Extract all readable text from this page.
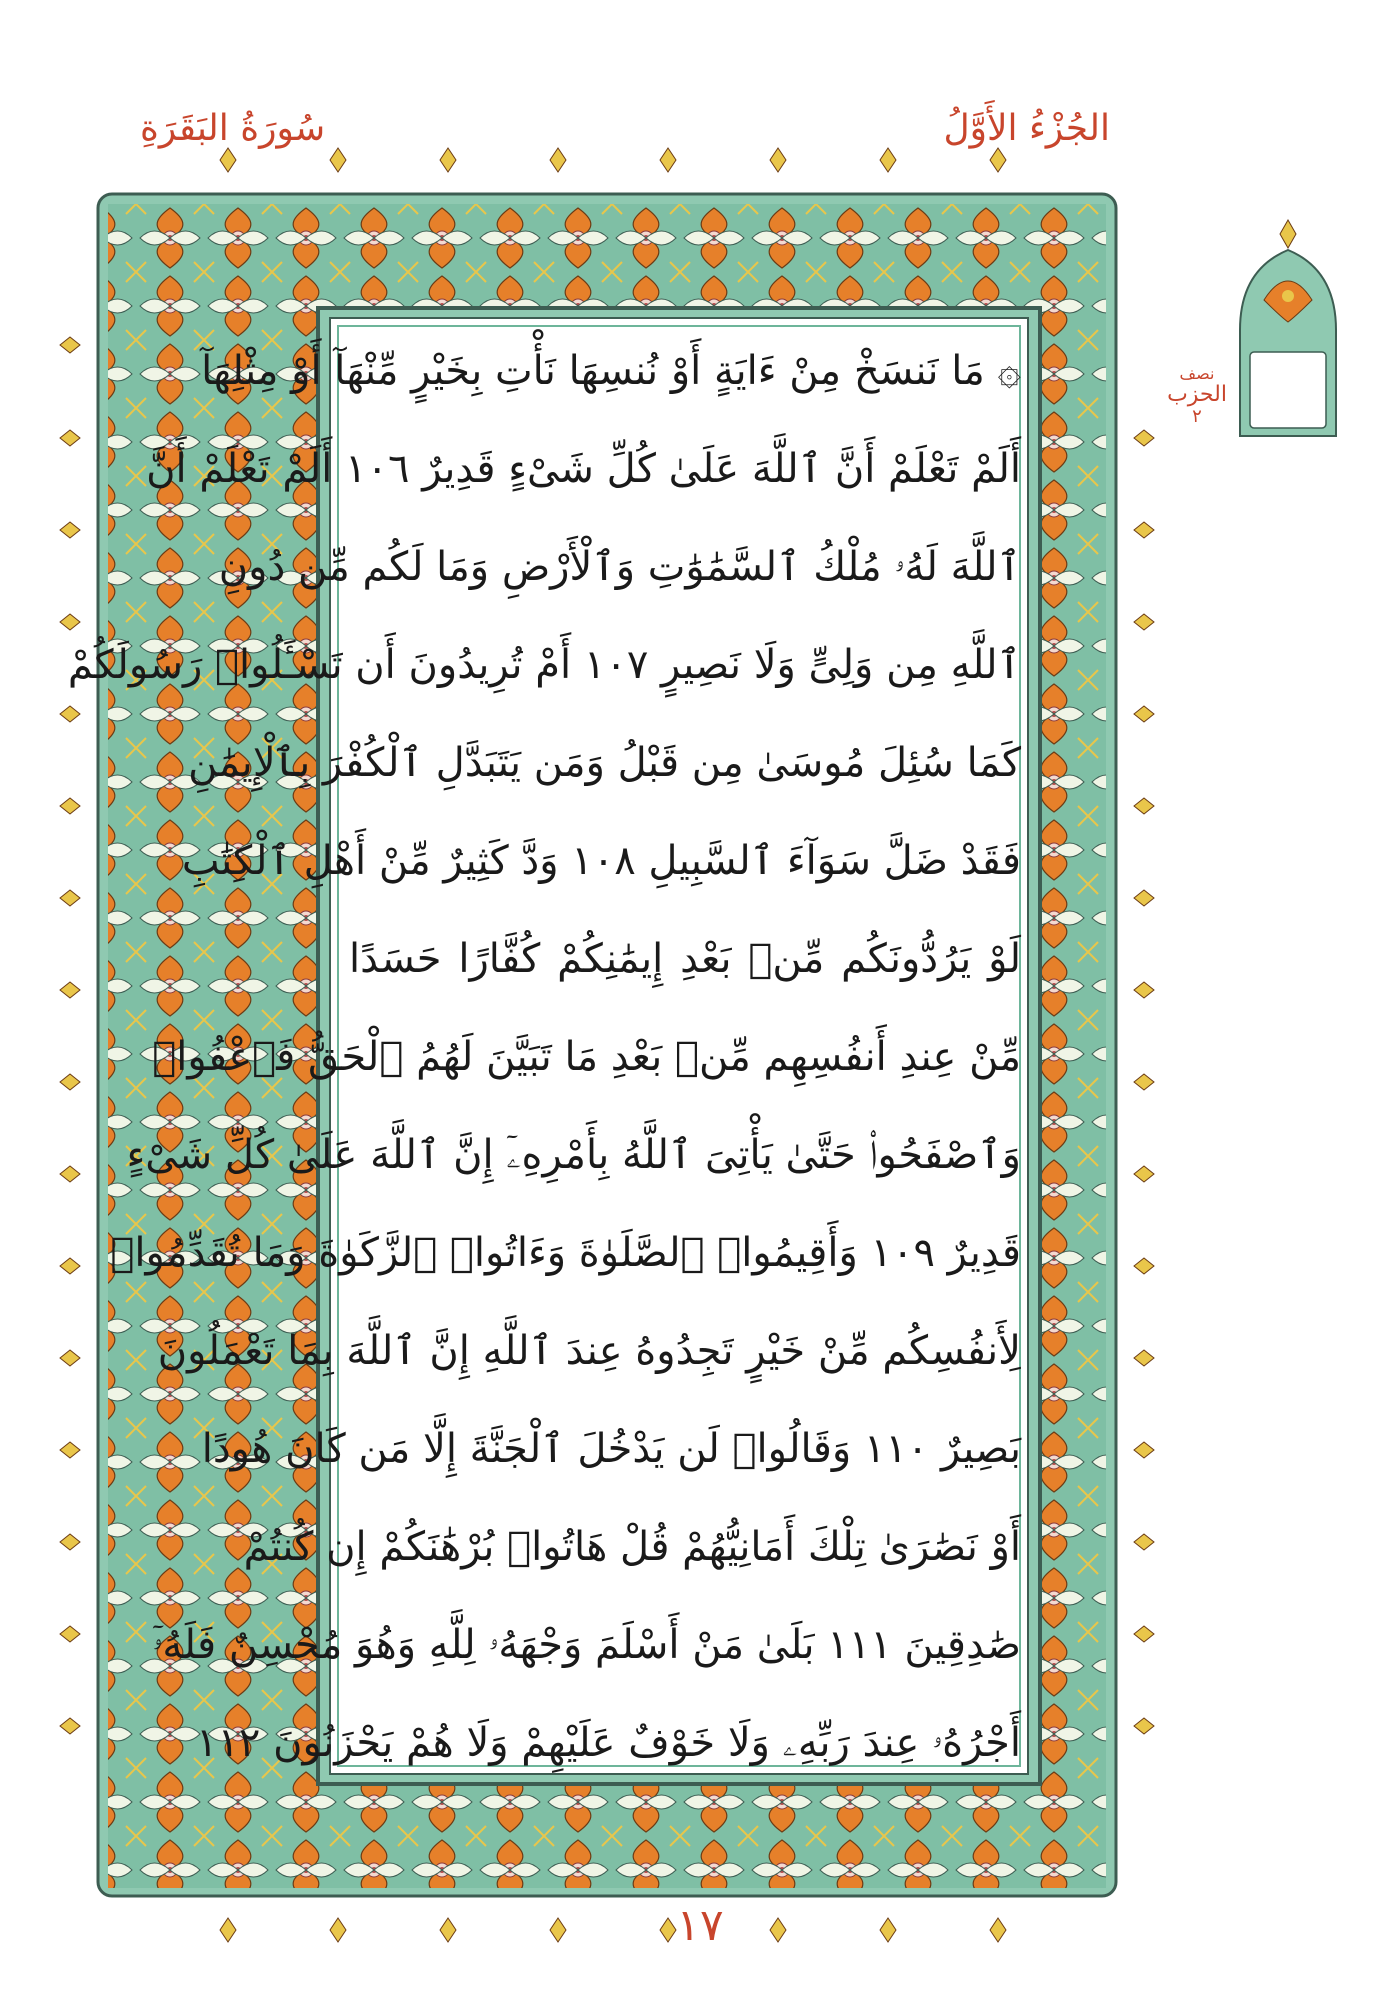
سُورَةُ البَقَرَةِ	الجُزْءُ الأَوَّلُ
نصف
الحزب
٢
۞ مَا نَنسَخْ مِنْ ءَايَةٍ أَوْ نُنسِهَا نَأْتِ بِخَيْرٍ مِّنْهَآ أَوْ مِثْلِهَآ
أَلَمْ تَعْلَمْ أَنَّ ٱللَّهَ عَلَىٰ كُلِّ شَىْءٍ قَدِيرٌ ١٠٦ أَلَمْ تَعْلَمْ أَنَّ
ٱللَّهَ لَهُۥ مُلْكُ ٱلسَّمَٰوَٰتِ وَٱلْأَرْضِ وَمَا لَكُم مِّن دُونِ
ٱللَّهِ مِن وَلِىٍّ وَلَا نَصِيرٍ ١٠٧ أَمْ تُرِيدُونَ أَن تَسْـَٔلُوا۟ رَسُولَكُمْ
كَمَا سُئِلَ مُوسَىٰ مِن قَبْلُ وَمَن يَتَبَدَّلِ ٱلْكُفْرَ بِٱلْإِيمَٰنِ
فَقَدْ ضَلَّ سَوَآءَ ٱلسَّبِيلِ ١٠٨ وَدَّ كَثِيرٌ مِّنْ أَهْلِ ٱلْكِتَٰبِ
لَوْ يَرُدُّونَكُم مِّنۢ بَعْدِ إِيمَٰنِكُمْ كُفَّارًا حَسَدًا
مِّنْ عِندِ أَنفُسِهِم مِّنۢ بَعْدِ مَا تَبَيَّنَ لَهُمُ ٱلْحَقُّ فَٱعْفُوا۟
وَٱصْفَحُوا۟ حَتَّىٰ يَأْتِىَ ٱللَّهُ بِأَمْرِهِۦٓ إِنَّ ٱللَّهَ عَلَىٰ كُلِّ شَىْءٍ
قَدِيرٌ ١٠٩ وَأَقِيمُوا۟ ٱلصَّلَوٰةَ وَءَاتُوا۟ ٱلزَّكَوٰةَ وَمَا تُقَدِّمُوا۟
لِأَنفُسِكُم مِّنْ خَيْرٍ تَجِدُوهُ عِندَ ٱللَّهِ إِنَّ ٱللَّهَ بِمَا تَعْمَلُونَ
بَصِيرٌ ١١٠ وَقَالُوا۟ لَن يَدْخُلَ ٱلْجَنَّةَ إِلَّا مَن كَانَ هُودًا
أَوْ نَصَٰرَىٰ تِلْكَ أَمَانِيُّهُمْ قُلْ هَاتُوا۟ بُرْهَٰنَكُمْ إِن كُنتُمْ
صَٰدِقِينَ ١١١ بَلَىٰ مَنْ أَسْلَمَ وَجْهَهُۥ لِلَّهِ وَهُوَ مُحْسِنٌ فَلَهُۥٓ
أَجْرُهُۥ عِندَ رَبِّهِۦ وَلَا خَوْفٌ عَلَيْهِمْ وَلَا هُمْ يَحْزَنُونَ ١١٢
١٧
